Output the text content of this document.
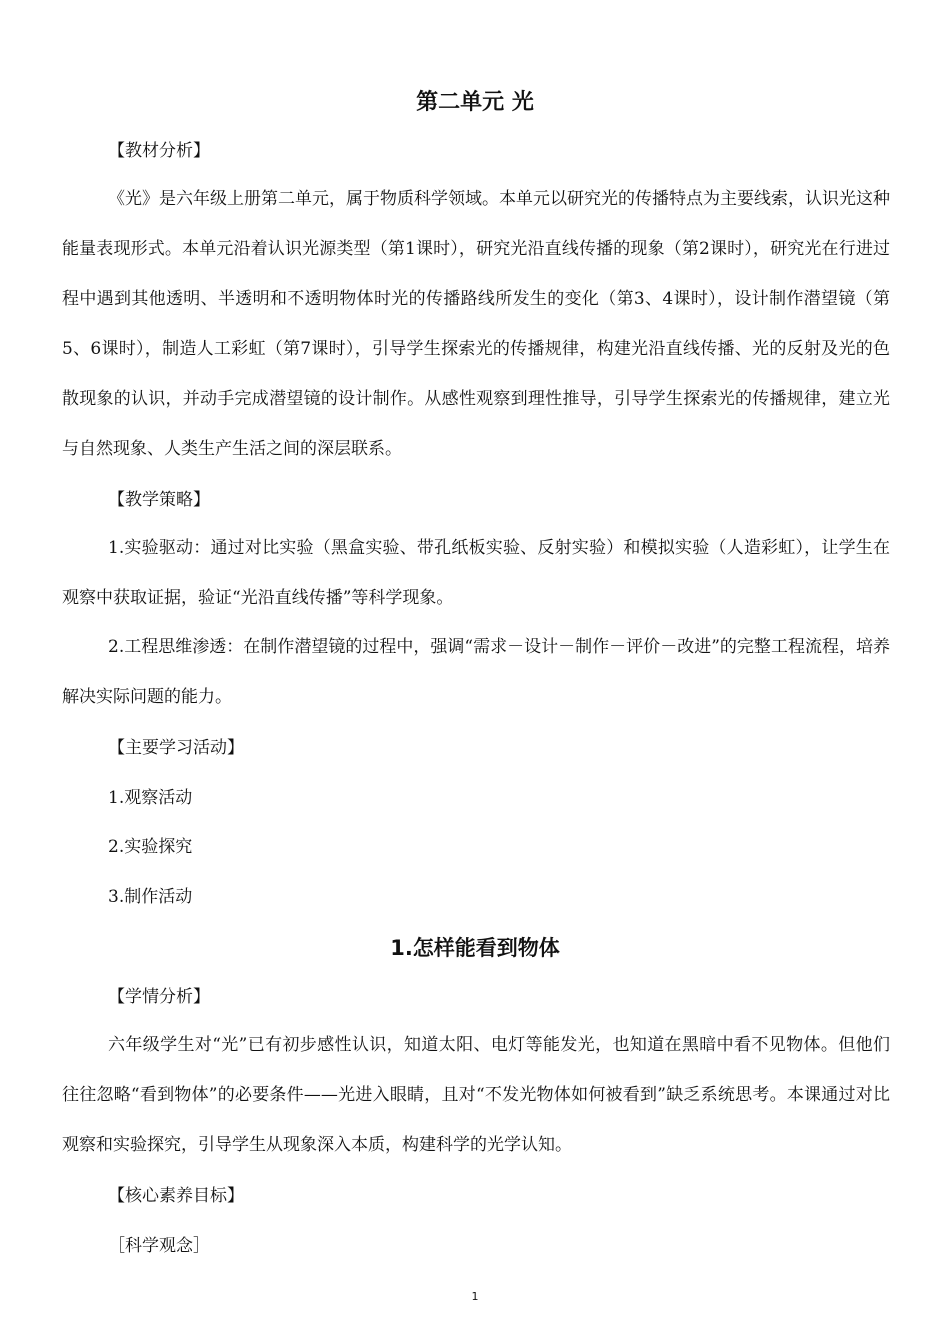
第二单元 光

【教材分析】

《光》是六年级上册第二单元，属于物质科学领域。本单元以研究光的传播特点为主要线索，认识光这种能量表现形式。本单元沿着认识光源类型（第1课时），研究光沿直线传播的现象（第2课时），研究光在行进过程中遇到其他透明、半透明和不透明物体时光的传播路线所发生的变化（第3、4课时），设计制作潜望镜（第5、6课时），制造人工彩虹（第7课时），引导学生探索光的传播规律，构建光沿直线传播、光的反射及光的色散现象的认识，并动手完成潜望镜的设计制作。从感性观察到理性推导，引导学生探索光的传播规律，建立光与自然现象、人类生产生活之间的深层联系。

【教学策略】

1.实验驱动：通过对比实验（黑盒实验、带孔纸板实验、反射实验）和模拟实验（人造彩虹），让学生在观察中获取证据，验证“光沿直线传播”等科学现象。

2.工程思维渗透：在制作潜望镜的过程中，强调“需求－设计－制作－评价－改进”的完整工程流程，培养解决实际问题的能力。

【主要学习活动】

1.观察活动

2.实验探究

3.制作活动

1.怎样能看到物体

【学情分析】

六年级学生对“光”已有初步感性认识，知道太阳、电灯等能发光，也知道在黑暗中看不见物体。但他们往往忽略“看到物体”的必要条件——光进入眼睛，且对“不发光物体如何被看到”缺乏系统思考。本课通过对比观察和实验探究，引导学生从现象深入本质，构建科学的光学认知。

【核心素养目标】

［科学观念］

1
